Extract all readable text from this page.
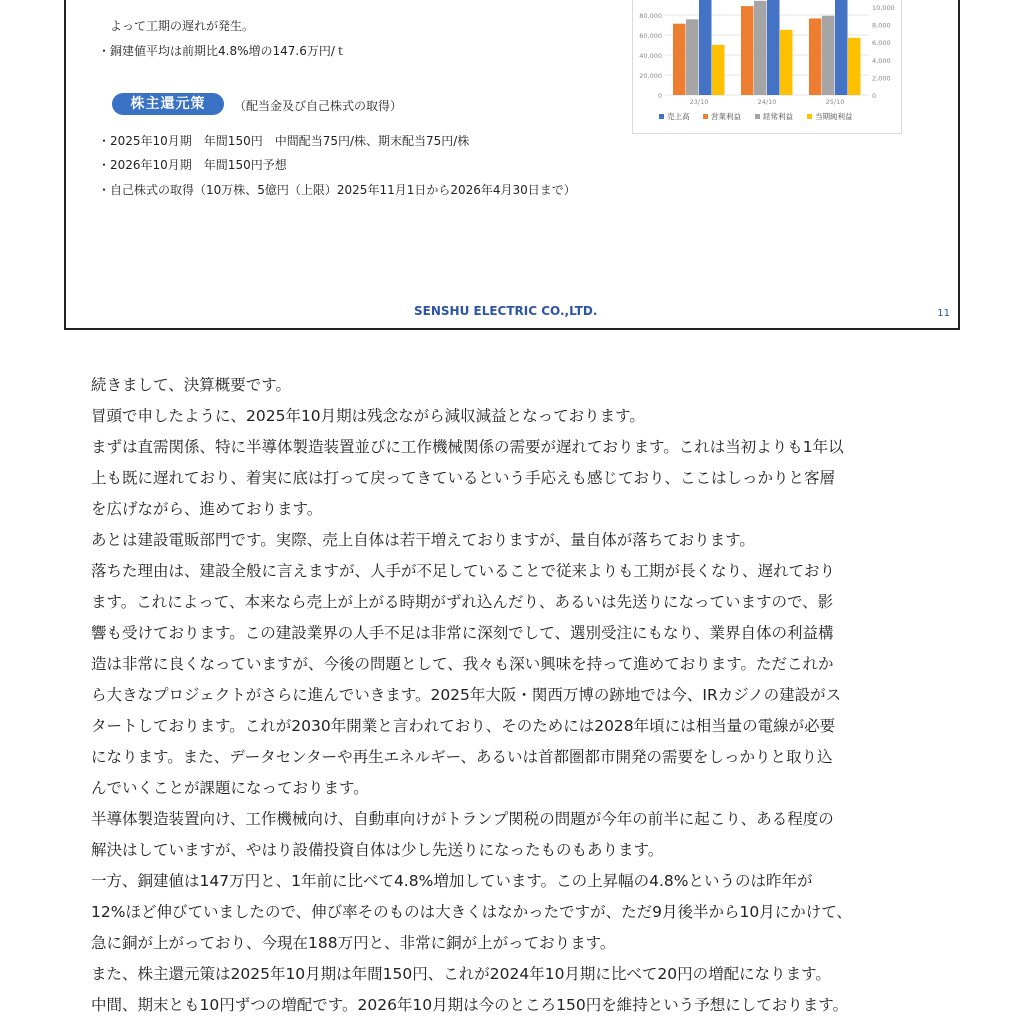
よって工期の遅れが発生。
・銅建値平均は前期比4.8%増の147.6万円/ｔ
株主還元策	（配当金及び自己株式の取得）
・2025年10月期　年間150円　中間配当75円/株、期末配当75円/株
・2026年10月期　年間150円予想
・自己株式の取得（10万株、5億円（上限）2025年11月1日から2026年4月30日まで）
80,000
60,000
40,000
20,000
0
10,000
8,000
6,000
4,000
2,000
0
23/10	24/10	25/10
売上高	営業利益	経常利益	当期純利益
SENSHU ELECTRIC CO.,LTD.	11

続きまして、決算概要です。

冒頭で申したように、2025年10月期は残念ながら減収減益となっております。

まずは直需関係、特に半導体製造装置並びに工作機械関係の需要が遅れております。これは当初よりも1年以

上も既に遅れており、着実に底は打って戻ってきているという手応えも感じており、ここはしっかりと客層

を広げながら、進めております。

あとは建設電販部門です。実際、売上自体は若干増えておりますが、量自体が落ちております。

落ちた理由は、建設全般に言えますが、人手が不足していることで従来よりも工期が長くなり、遅れており

ます。これによって、本来なら売上が上がる時期がずれ込んだり、あるいは先送りになっていますので、影

響も受けております。この建設業界の人手不足は非常に深刻でして、選別受注にもなり、業界自体の利益構

造は非常に良くなっていますが、今後の問題として、我々も深い興味を持って進めております。ただこれか

ら大きなプロジェクトがさらに進んでいきます。2025年大阪・関西万博の跡地では今、IRカジノの建設がス

タートしております。これが2030年開業と言われており、そのためには2028年頃には相当量の電線が必要

になります。また、データセンターや再生エネルギー、あるいは首都圏都市開発の需要をしっかりと取り込

んでいくことが課題になっております。

半導体製造装置向け、工作機械向け、自動車向けがトランプ関税の問題が今年の前半に起こり、ある程度の

解決はしていますが、やはり設備投資自体は少し先送りになったものもあります。

一方、銅建値は147万円と、1年前に比べて4.8%増加しています。この上昇幅の4.8%というのは昨年が

12%ほど伸びていましたので、伸び率そのものは大きくはなかったですが、ただ9月後半から10月にかけて、

急に銅が上がっており、今現在188万円と、非常に銅が上がっております。

また、株主還元策は2025年10月期は年間150円、これが2024年10月期に比べて20円の増配になります。

中間、期末とも10円ずつの増配です。2026年10月期は今のところ150円を維持という予想にしております。
